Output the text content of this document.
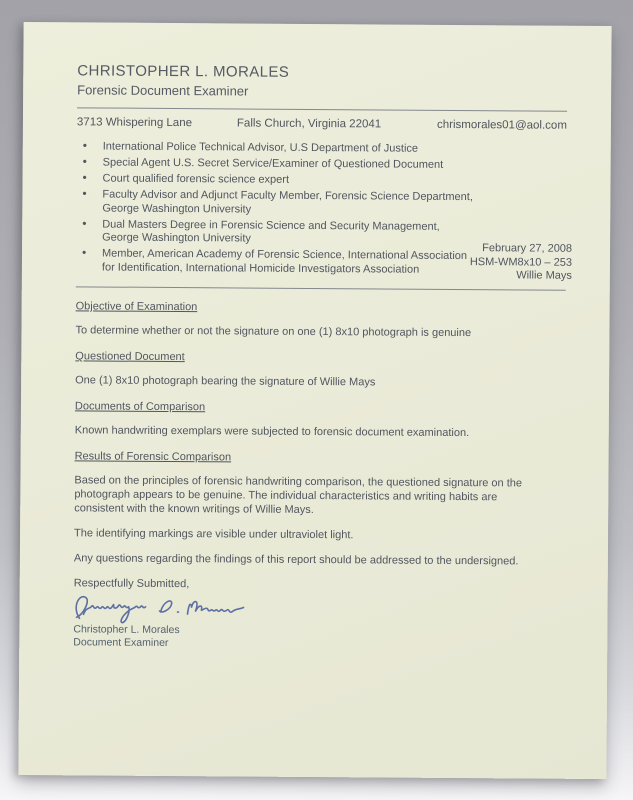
CHRISTOPHER L. MORALES
Forensic Document Examiner
3713 Whispering Lane	Falls Church, Virginia 22041	chrismorales01@aol.com
• International Police Technical Advisor, U.S Department of Justice
• Special Agent U.S. Secret Service/Examiner of Questioned Document
• Court qualified forensic science expert
• Faculty Advisor and Adjunct Faculty Member, Forensic Science Department, George Washington University
• Dual Masters Degree in Forensic Science and Security Management, George Washington University
• Member, American Academy of Forensic Science, International Association for Identification, International Homicide Investigators Association
February 27, 2008
HSM-WM8x10 – 253
Willie Mays
Objective of Examination

To determine whether or not the signature on one (1) 8x10 photograph is genuine

Questioned Document

One (1) 8x10 photograph bearing the signature of Willie Mays

Documents of Comparison

Known handwriting exemplars were subjected to forensic document examination.

Results of Forensic Comparison

Based on the principles of forensic handwriting comparison, the questioned signature on the photograph appears to be genuine. The individual characteristics and writing habits are consistent with the known writings of Willie Mays.

The identifying markings are visible under ultraviolet light.

Any questions regarding the findings of this report should be addressed to the undersigned.

Respectfully Submitted,
Christopher L. Morales
Document Examiner
